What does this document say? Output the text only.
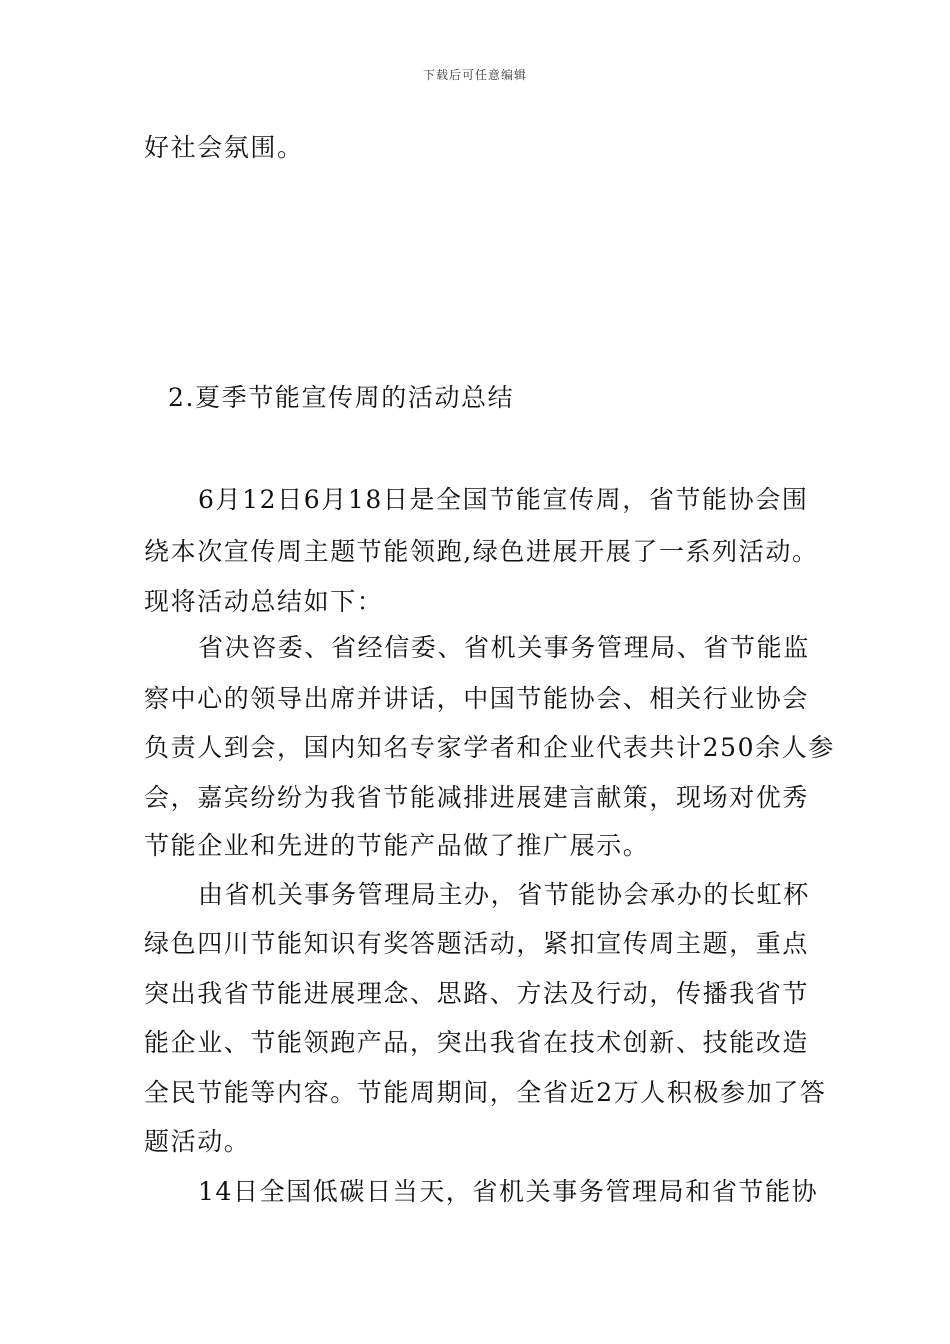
下载后可任意编辑
好社会氛围。
2.夏季节能宣传周的活动总结
6月12日6月18日是全国节能宣传周，省节能协会围
绕本次宣传周主题节能领跑,绿色进展开展了一系列活动。
现将活动总结如下：
省决咨委、省经信委、省机关事务管理局、省节能监
察中心的领导出席并讲话，中国节能协会、相关行业协会
负责人到会，国内知名专家学者和企业代表共计250余人参
会，嘉宾纷纷为我省节能减排进展建言献策，现场对优秀
节能企业和先进的节能产品做了推广展示。
由省机关事务管理局主办，省节能协会承办的长虹杯
绿色四川节能知识有奖答题活动，紧扣宣传周主题，重点
突出我省节能进展理念、思路、方法及行动，传播我省节
能企业、节能领跑产品，突出我省在技术创新、技能改造
全民节能等内容。节能周期间，全省近2万人积极参加了答
题活动。
14日全国低碳日当天，省机关事务管理局和省节能协
